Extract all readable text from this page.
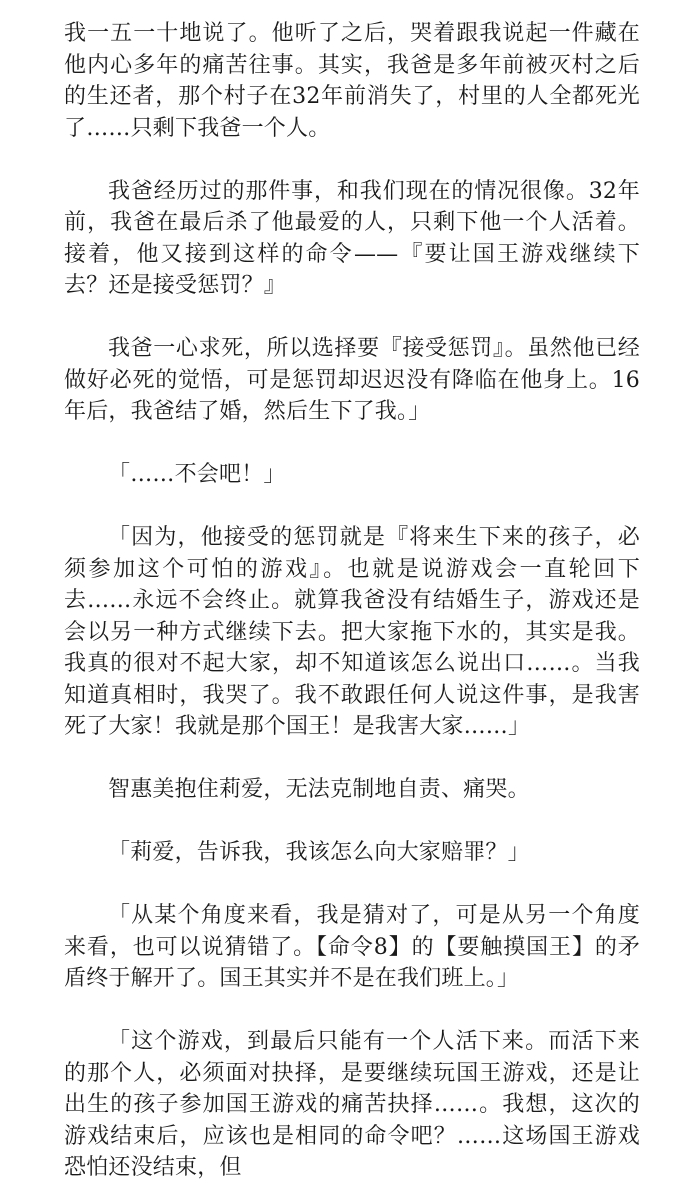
我一五一十地说了。他听了之后，哭着跟我说起一件藏在他内心多年的痛苦往事。其实，我爸是多年前被灭村之后的生还者，那个村子在32年前消失了，村里的人全都死光了……只剩下我爸一个人。

我爸经历过的那件事，和我们现在的情况很像。32年前，我爸在最后杀了他最爱的人，只剩下他一个人活着。接着，他又接到这样的命令——『要让国王游戏继续下去？还是接受惩罚？』

我爸一心求死，所以选择要『接受惩罚』。虽然他已经做好必死的觉悟，可是惩罚却迟迟没有降临在他身上。16年后，我爸结了婚，然后生下了我。」

「……不会吧！」

「因为，他接受的惩罚就是『将来生下来的孩子，必须参加这个可怕的游戏』。也就是说游戏会一直轮回下去……永远不会终止。就算我爸没有结婚生子，游戏还是会以另一种方式继续下去。把大家拖下水的，其实是我。我真的很对不起大家，却不知道该怎么说出口……。当我知道真相时，我哭了。我不敢跟任何人说这件事，是我害死了大家！我就是那个国王！是我害大家……」

智惠美抱住莉爱，无法克制地自责、痛哭。

「莉爱，告诉我，我该怎么向大家赔罪？」

「从某个角度来看，我是猜对了，可是从另一个角度来看，也可以说猜错了。【命令8】的【要触摸国王】的矛盾终于解开了。国王其实并不是在我们班上。」

「这个游戏，到最后只能有一个人活下来。而活下来的那个人，必须面对抉择，是要继续玩国王游戏，还是让出生的孩子参加国王游戏的痛苦抉择……。我想，这次的游戏结束后，应该也是相同的命令吧？……这场国王游戏恐怕还没结束，但
